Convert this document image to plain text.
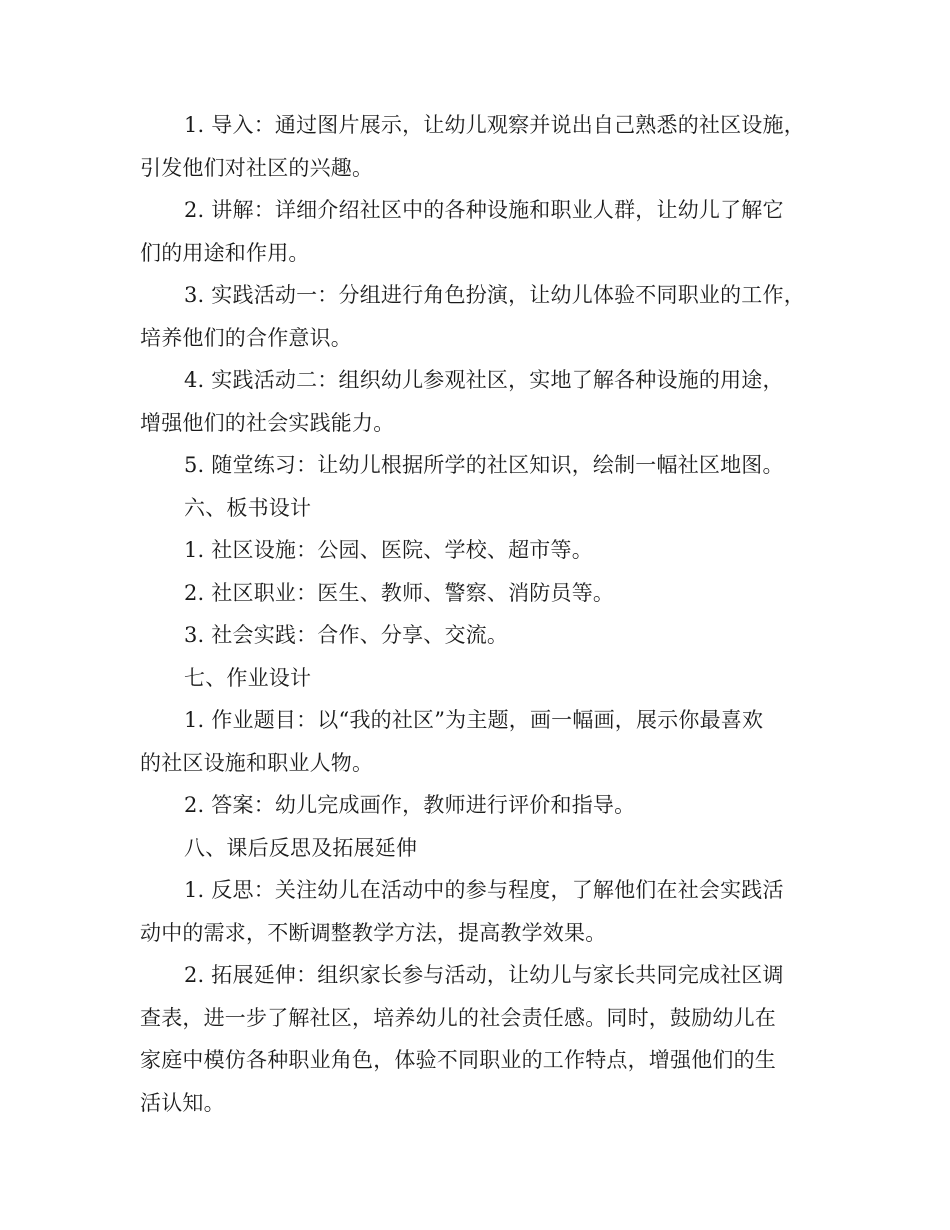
1. 导入：通过图片展示，让幼儿观察并说出自己熟悉的社区设施，
引发他们对社区的兴趣。

2. 讲解：详细介绍社区中的各种设施和职业人群，让幼儿了解它
们的用途和作用。

3. 实践活动一：分组进行角色扮演，让幼儿体验不同职业的工作，
培养他们的合作意识。

4. 实践活动二：组织幼儿参观社区，实地了解各种设施的用途，
增强他们的社会实践能力。

5. 随堂练习：让幼儿根据所学的社区知识，绘制一幅社区地图。

六、板书设计

1. 社区设施：公园、医院、学校、超市等。

2. 社区职业：医生、教师、警察、消防员等。

3. 社会实践：合作、分享、交流。

七、作业设计

1. 作业题目：以“我的社区”为主题，画一幅画，展示你最喜欢
的社区设施和职业人物。

2. 答案：幼儿完成画作，教师进行评价和指导。

八、课后反思及拓展延伸

1. 反思：关注幼儿在活动中的参与程度，了解他们在社会实践活
动中的需求，不断调整教学方法，提高教学效果。

2. 拓展延伸：组织家长参与活动，让幼儿与家长共同完成社区调
查表，进一步了解社区，培养幼儿的社会责任感。同时，鼓励幼儿在
家庭中模仿各种职业角色，体验不同职业的工作特点，增强他们的生
活认知。
